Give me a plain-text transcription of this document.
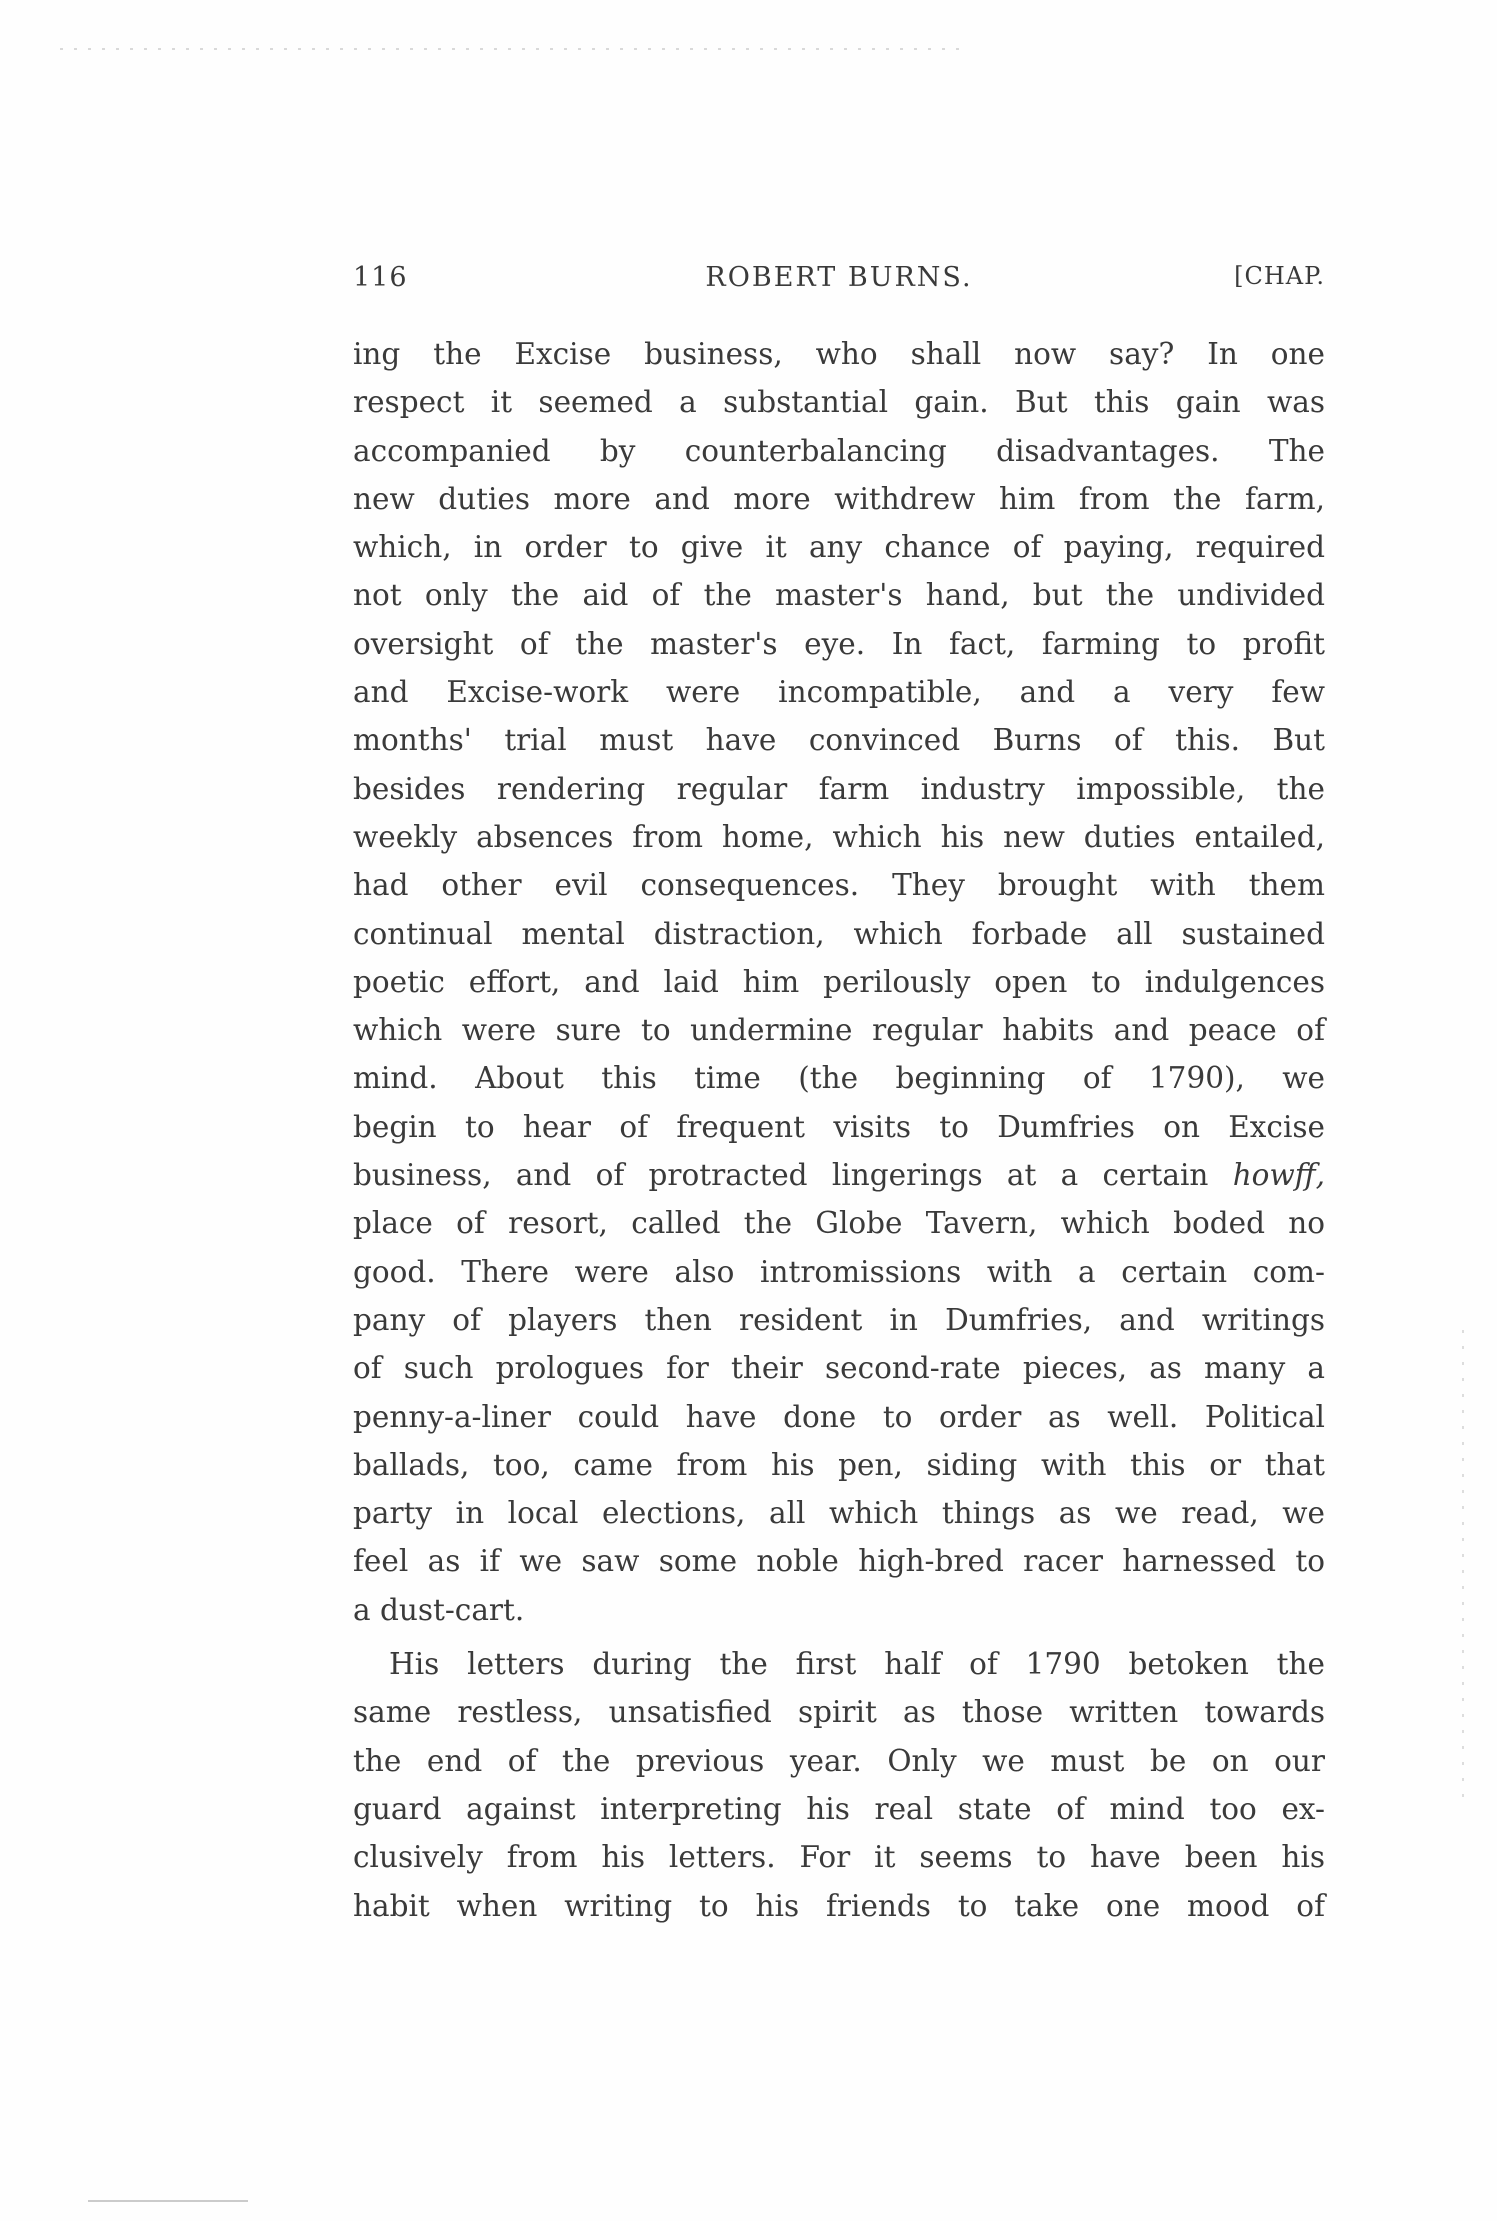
116	ROBERT BURNS.	[CHAP.
ing the Excise business, who shall now say? In one
respect it seemed a substantial gain. But this gain was
accompanied by counterbalancing disadvantages. The
new duties more and more withdrew him from the farm,
which, in order to give it any chance of paying, required
not only the aid of the master's hand, but the undivided
oversight of the master's eye. In fact, farming to profit
and Excise-work were incompatible, and a very few
months' trial must have convinced Burns of this. But
besides rendering regular farm industry impossible, the
weekly absences from home, which his new duties entailed,
had other evil consequences. They brought with them
continual mental distraction, which forbade all sustained
poetic effort, and laid him perilously open to indulgences
which were sure to undermine regular habits and peace of
mind. About this time (the beginning of 1790), we
begin to hear of frequent visits to Dumfries on Excise
business, and of protracted lingerings at a certain howff,
place of resort, called the Globe Tavern, which boded no
good. There were also intromissions with a certain com-
pany of players then resident in Dumfries, and writings
of such prologues for their second-rate pieces, as many a
penny-a-liner could have done to order as well. Political
ballads, too, came from his pen, siding with this or that
party in local elections, all which things as we read, we
feel as if we saw some noble high-bred racer harnessed to
a dust-cart.
His letters during the first half of 1790 betoken the
same restless, unsatisfied spirit as those written towards
the end of the previous year. Only we must be on our
guard against interpreting his real state of mind too ex-
clusively from his letters. For it seems to have been his
habit when writing to his friends to take one mood of
